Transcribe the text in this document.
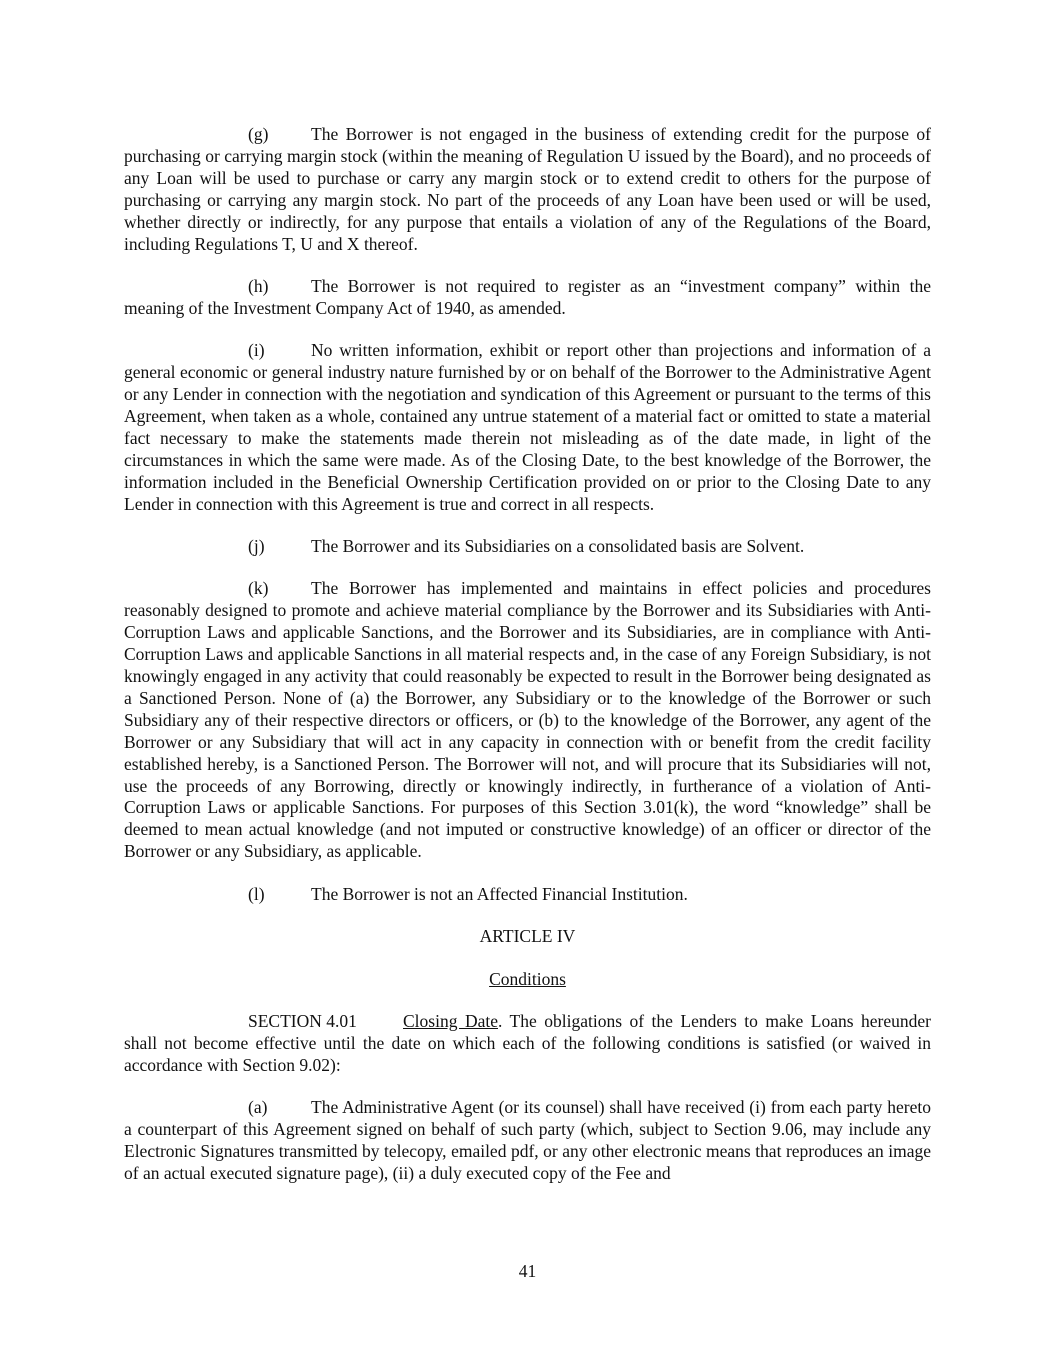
(g) The Borrower is not engaged in the business of extending credit for the purpose of purchasing or carrying margin stock (within the meaning of Regulation U issued by the Board), and no proceeds of any Loan will be used to purchase or carry any margin stock or to extend credit to others for the purpose of purchasing or carrying any margin stock. No part of the proceeds of any Loan have been used or will be used, whether directly or indirectly, for any purpose that entails a violation of any of the Regulations of the Board, including Regulations T, U and X thereof.

(h) The Borrower is not required to register as an “investment company” within the meaning of the Investment Company Act of 1940, as amended.

(i)	No written information, exhibit or report other than projections and information of a general economic or general industry nature furnished by or on behalf of the Borrower to the Administrative Agent or any Lender in connection with the negotiation and syndication of this Agreement or pursuant to the terms of this Agreement, when taken as a whole, contained any untrue statement of a material fact or omitted to state a material fact necessary to make the statements made therein not misleading as of the date made, in light of the circumstances in which the same were made. As of the Closing Date, to the best knowledge of the Borrower, the information included in the Beneficial Ownership Certification provided on or prior to the Closing Date to any Lender in connection with this Agreement is true and correct in all respects.

(j)	The Borrower and its Subsidiaries on a consolidated basis are Solvent.

(k) The Borrower has implemented and maintains in effect policies and procedures reasonably designed to promote and achieve material compliance by the Borrower and its Subsidiaries with Anti-Corruption Laws and applicable Sanctions, and the Borrower and its Subsidiaries, are in compliance with Anti-Corruption Laws and applicable Sanctions in all material respects and, in the case of any Foreign Subsidiary, is not knowingly engaged in any activity that could reasonably be expected to result in the Borrower being designated as a Sanctioned Person. None of (a) the Borrower, any Subsidiary or to the knowledge of the Borrower or such Subsidiary any of their respective directors or officers, or (b) to the knowledge of the Borrower, any agent of the Borrower or any Subsidiary that will act in any capacity in connection with or benefit from the credit facility established hereby, is a Sanctioned Person. The Borrower will not, and will procure that its Subsidiaries will not, use the proceeds of any Borrowing, directly or knowingly indirectly, in furtherance of a violation of Anti-Corruption Laws or applicable Sanctions. For purposes of this Section 3.01(k), the word “knowledge” shall be deemed to mean actual knowledge (and not imputed or constructive knowledge) of an officer or director of the Borrower or any Subsidiary, as applicable.

(l)	The Borrower is not an Affected Financial Institution.

ARTICLE IV

Conditions

SECTION 4.01	Closing Date. The obligations of the Lenders to make Loans hereunder shall not become effective until the date on which each of the following conditions is satisfied (or waived in accordance with Section 9.02):

(a) The Administrative Agent (or its counsel) shall have received (i) from each party hereto a counterpart of this Agreement signed on behalf of such party (which, subject to Section 9.06, may include any Electronic Signatures transmitted by telecopy, emailed pdf, or any other electronic means that reproduces an image of an actual executed signature page), (ii) a duly executed copy of the Fee and

41
